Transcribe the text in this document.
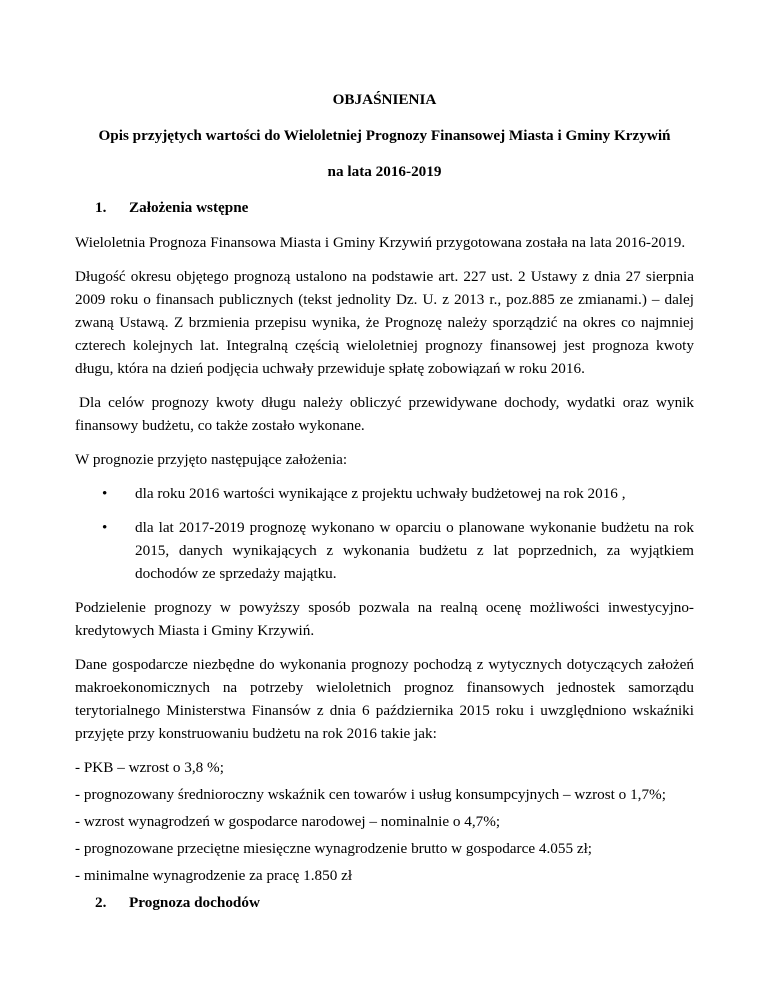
OBJAŚNIENIA
Opis przyjętych wartości do Wieloletniej Prognozy Finansowej Miasta i Gminy Krzywiń
na lata 2016-2019
1.	Założenia wstępne

Wieloletnia Prognoza Finansowa Miasta i Gminy Krzywiń przygotowana została na lata 2016-2019.

Długość okresu objętego prognozą ustalono na podstawie art. 227 ust. 2 Ustawy z dnia 27 sierpnia 2009 roku o finansach publicznych (tekst jednolity Dz. U. z 2013 r., poz.885 ze zmianami.) – dalej zwaną Ustawą. Z brzmienia przepisu wynika, że Prognozę należy sporządzić na okres co najmniej czterech kolejnych lat. Integralną częścią wieloletniej prognozy finansowej jest prognoza kwoty długu, która na dzień podjęcia uchwały przewiduje spłatę zobowiązań w roku 2016.

Dla celów prognozy kwoty długu należy obliczyć przewidywane dochody, wydatki oraz wynik finansowy budżetu, co także zostało wykonane.

W prognozie przyjęto następujące założenia:

• dla roku 2016 wartości wynikające z projektu uchwały budżetowej na rok 2016 ,
• dla lat 2017-2019 prognozę wykonano w oparciu o planowane wykonanie budżetu na rok 2015, danych wynikających z wykonania budżetu z lat poprzednich, za wyjątkiem dochodów ze sprzedaży majątku.

Podzielenie prognozy w powyższy sposób pozwala na realną ocenę możliwości inwestycyjno-kredytowych Miasta i Gminy Krzywiń.

Dane gospodarcze niezbędne do wykonania prognozy pochodzą z wytycznych dotyczących założeń makroekonomicznych na potrzeby wieloletnich prognoz finansowych jednostek samorządu terytorialnego Ministerstwa Finansów z dnia 6 października 2015 roku i uwzględniono wskaźniki przyjęte przy konstruowaniu budżetu na rok 2016 takie jak:

- PKB – wzrost o 3,8 %;
- prognozowany średnioroczny wskaźnik cen towarów i usług konsumpcyjnych – wzrost o 1,7%;
- wzrost wynagrodzeń w gospodarce narodowej – nominalnie o 4,7%;
- prognozowane przeciętne miesięczne wynagrodzenie brutto w gospodarce 4.055 zł;
- minimalne wynagrodzenie za pracę 1.850 zł
2.	Prognoza dochodów
